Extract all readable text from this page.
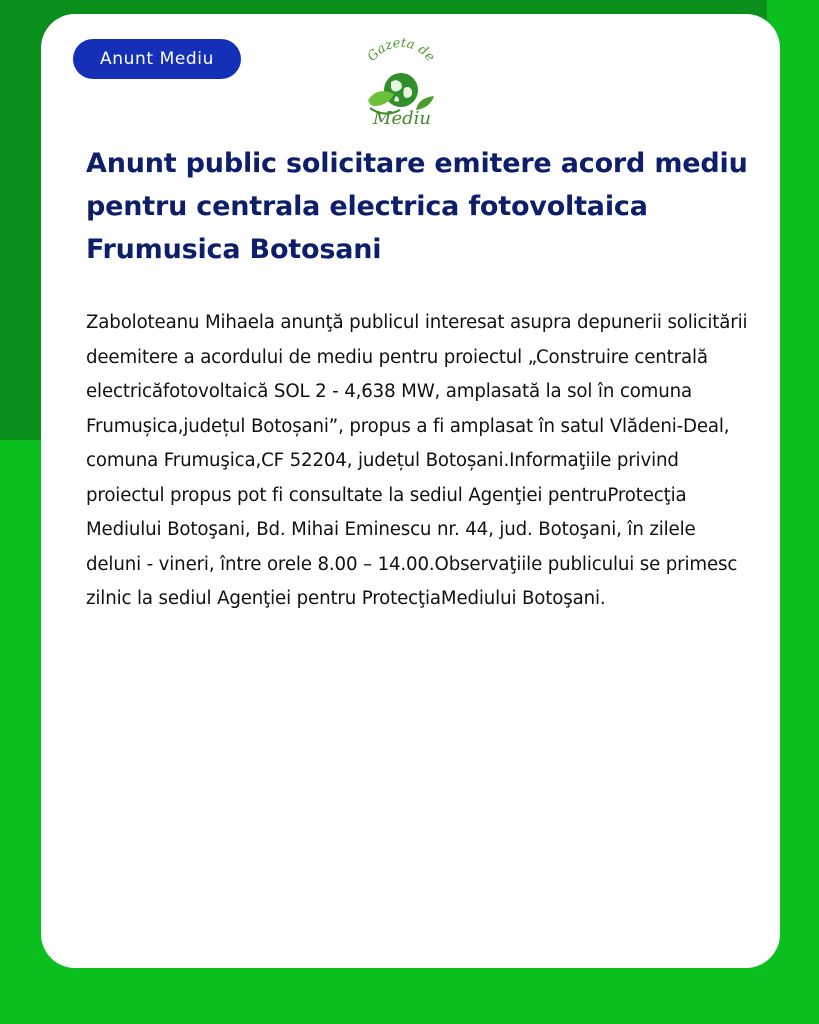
Anunt Mediu	Gazeta de
Mediu
Anunt public solicitare emitere acord mediu pentru centrala electrica fotovoltaica Frumusica Botosani

Zaboloteanu Mihaela anunţă publicul interesat asupra depunerii solicitării deemitere a acordului de mediu pentru proiectul „Construire centrală electricăfotovoltaică SOL 2 - 4,638 MW, amplasată la sol în comuna Frumușica,județul Botoșani”, propus a fi amplasat în satul Vlădeni-Deal, comuna Frumuşica,CF 52204, județul Botoșani.Informaţiile privind proiectul propus pot fi consultate la sediul Agenţiei pentruProtecţia Mediului Botoşani, Bd. Mihai Eminescu nr. 44, jud. Botoşani, în zilele deluni - vineri, între orele 8.00 – 14.00.Observaţiile publicului se primesc zilnic la sediul Agenţiei pentru ProtecţiaMediului Botoşani.
